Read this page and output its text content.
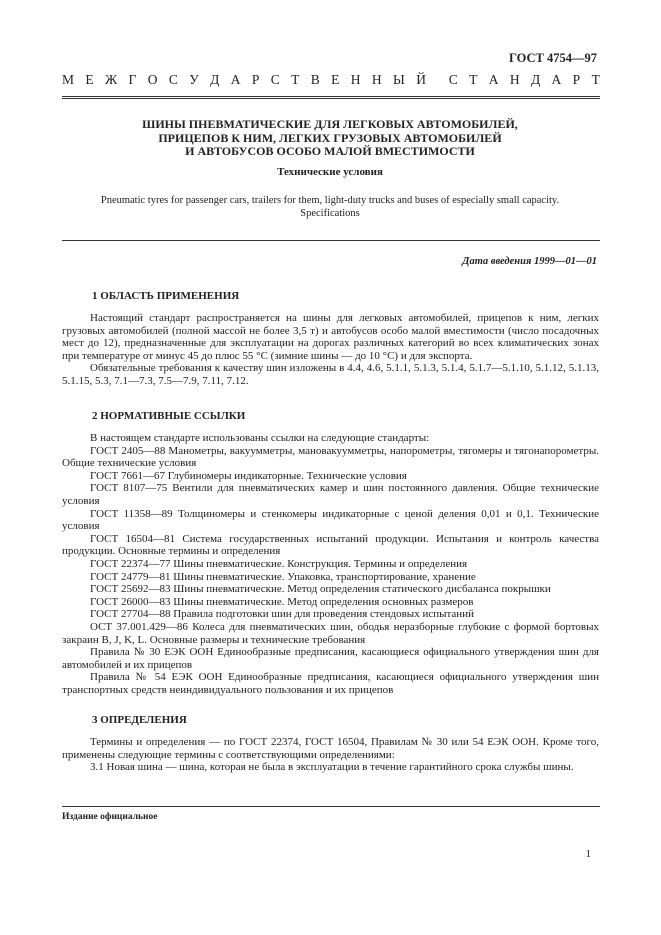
ГОСТ 4754—97
М Е Ж Г О С У Д А Р С Т В Е Н Н Ы Й С Т А Н Д А Р Т
ШИНЫ ПНЕВМАТИЧЕСКИЕ ДЛЯ ЛЕГКОВЫХ АВТОМОБИЛЕЙ,
ПРИЦЕПОВ К НИМ, ЛЕГКИХ ГРУЗОВЫХ АВТОМОБИЛЕЙ
И АВТОБУСОВ ОСОБО МАЛОЙ ВМЕСТИМОСТИ
Технические условия
Pneumatic tyres for passenger cars, trailers for them, light-duty trucks and buses of especially small capacity.
Specifications
Дата введения 1999—01—01
1 ОБЛАСТЬ ПРИМЕНЕНИЯ

Настоящий стандарт распространяется на шины для легковых автомобилей, прицепов к ним, легких грузовых автомобилей (полной массой не более 3,5 т) и автобусов особо малой вместимости (число посадочных мест до 12), предназначенные для эксплуатации на дорогах различных категорий во всех климатических зонах при температуре от минус 45 до плюс 55 °С (зимние шины — до 10 °С) и для экспорта.

Обязательные требования к качеству шин изложены в 4.4, 4.6, 5.1.1, 5.1.3, 5.1.4, 5.1.7—5.1.10, 5.1.12, 5.1.13, 5.1.15, 5.3, 7.1—7.3, 7.5—7.9, 7.11, 7.12.

2 НОРМАТИВНЫЕ ССЫЛКИ

В настоящем стандарте использованы ссылки на следующие стандарты:

ГОСТ 2405—88 Манометры, вакуумметры, мановакуумметры, напорометры, тягомеры и тягонапорометры. Общие технические условия

ГОСТ 7661—67 Глубиномеры индикаторные. Технические условия

ГОСТ 8107—75 Вентили для пневматических камер и шин постоянного давления. Общие технические условия

ГОСТ 11358—89 Толщиномеры и стенкомеры индикаторные с ценой деления 0,01 и 0,1. Технические условия

ГОСТ 16504—81 Система государственных испытаний продукции. Испытания и контроль качества продукции. Основные термины и определения

ГОСТ 22374—77 Шины пневматические. Конструкция. Термины и определения

ГОСТ 24779—81 Шины пневматические. Упаковка, транспортирование, хранение

ГОСТ 25692—83 Шины пневматические. Метод определения статического дисбаланса покрышки

ГОСТ 26000—83 Шины пневматические. Метод определения основных размеров

ГОСТ 27704—88 Правила подготовки шин для проведения стендовых испытаний

ОСТ 37.001.429—86 Колеса для пневматических шин, ободья неразборные глубокие с формой бортовых закраин B, J, K, L. Основные размеры и технические требования

Правила № 30 ЕЭК ООН Единообразные предписания, касающиеся официального утверждения шин для автомобилей и их прицепов

Правила № 54 ЕЭК ООН Единообразные предписания, касающиеся официального утверждения шин транспортных средств неиндивидуального пользования и их прицепов

3 ОПРЕДЕЛЕНИЯ

Термины и определения — по ГОСТ 22374, ГОСТ 16504, Правилам № 30 или 54 ЕЭК ООН. Кроме того, применены следующие термины с соответствующими определениями:

3.1 Новая шина — шина, которая не была в эксплуатации в течение гарантийного срока службы шины.

Издание официальное
1
